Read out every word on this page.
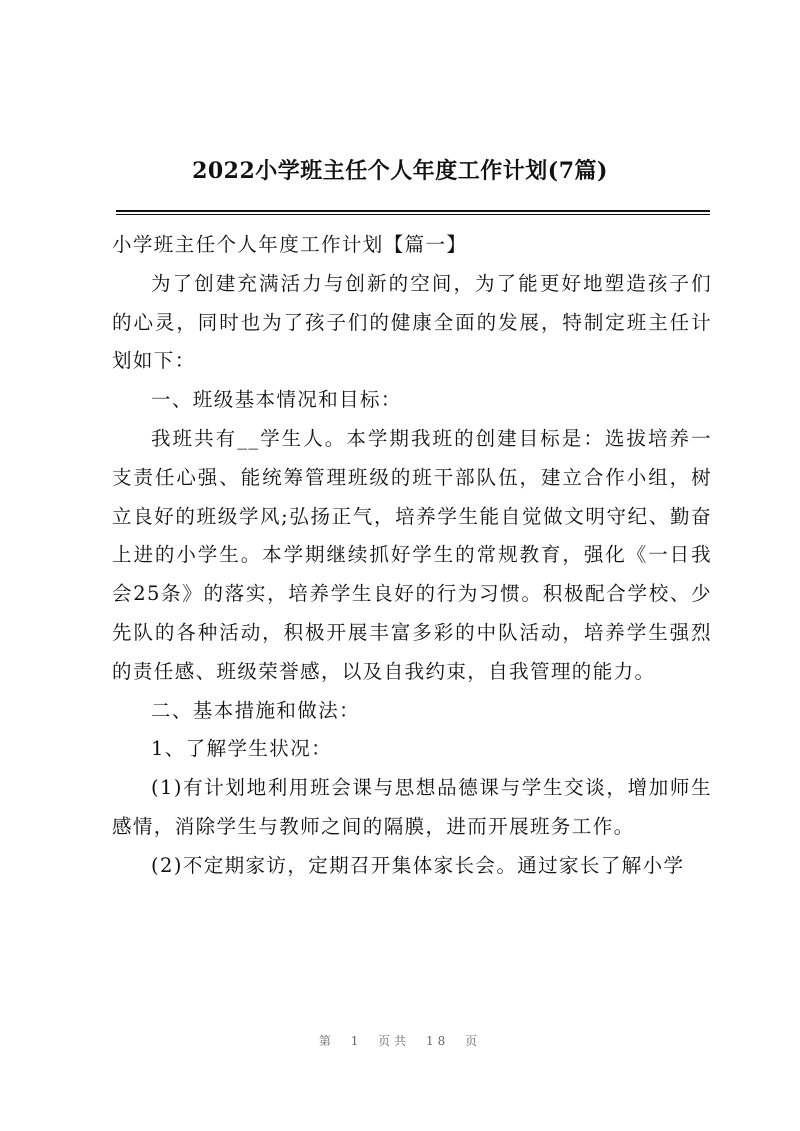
2022小学班主任个人年度工作计划(7篇)

小学班主任个人年度工作计划【篇一】

为了创建充满活力与创新的空间，为了能更好地塑造孩子们的心灵，同时也为了孩子们的健康全面的发展，特制定班主任计划如下：

一、班级基本情况和目标：

我班共有__学生人。本学期我班的创建目标是：选拔培养一支责任心强、能统筹管理班级的班干部队伍，建立合作小组，树立良好的班级学风;弘扬正气，培养学生能自觉做文明守纪、勤奋上进的小学生。本学期继续抓好学生的常规教育，强化《一日我会25条》的落实，培养学生良好的行为习惯。积极配合学校、少先队的各种活动，积极开展丰富多彩的中队活动，培养学生强烈的责任感、班级荣誉感，以及自我约束，自我管理的能力。

二、基本措施和做法：

1、了解学生状况：

(1)有计划地利用班会课与思想品德课与学生交谈，增加师生感情，消除学生与教师之间的隔膜，进而开展班务工作。

(2)不定期家访，定期召开集体家长会。通过家长了解小学

第 1 页共 18 页
